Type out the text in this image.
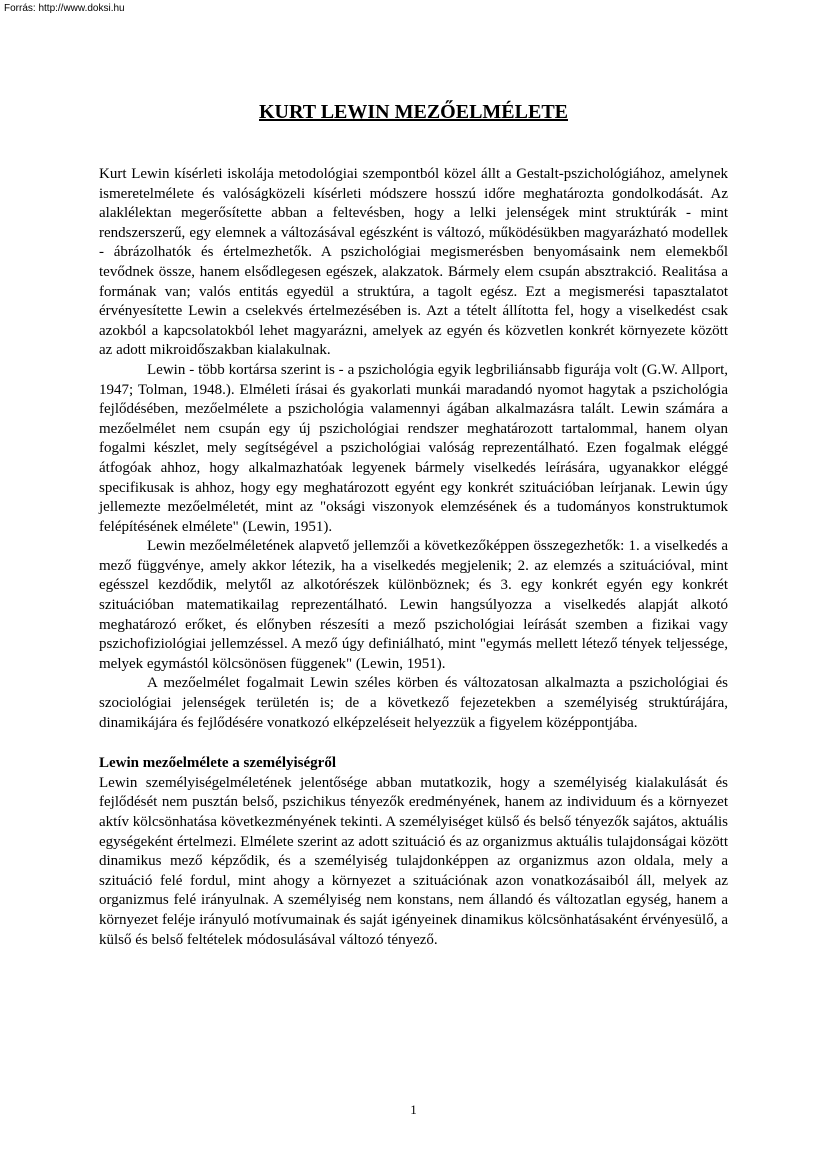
Forrás: http://www.doksi.hu
KURT LEWIN MEZŐELMÉLETE

Kurt Lewin kísérleti iskolája metodológiai szempontból közel állt a Gestalt-pszichológiához, amelynek ismeretelmélete és valóságközeli kísérleti módszere hosszú időre meghatározta gondolkodását. Az alaklélektan megerősítette abban a feltevésben, hogy a lelki jelenségek mint struktúrák - mint rendszerszerű, egy elemnek a változásával egészként is változó, működésükben magyarázható modellek - ábrázolhatók és értelmezhetők. A pszichológiai megismerésben benyomásaink nem elemekből tevődnek össze, hanem elsődlegesen egészek, alakzatok. Bármely elem csupán absztrakció. Realitása a formának van; valós entitás egyedül a struktúra, a tagolt egész. Ezt a megismerési tapasztalatot érvényesítette Lewin a cselekvés értelmezésében is. Azt a tételt állította fel, hogy a viselkedést csak azokból a kapcsolatokból lehet magyarázni, amelyek az egyén és közvetlen konkrét környezete között az adott mikroidőszakban kialakulnak.

Lewin - több kortársa szerint is - a pszichológia egyik legbriliánsabb figurája volt (G.W. Allport, 1947; Tolman, 1948.). Elméleti írásai és gyakorlati munkái maradandó nyomot hagytak a pszichológia fejlődésében, mezőelmélete a pszichológia valamennyi ágában alkalmazásra talált. Lewin számára a mezőelmélet nem csupán egy új pszichológiai rendszer meghatározott tartalommal, hanem olyan fogalmi készlet, mely segítségével a pszichológiai valóság reprezentálható. Ezen fogalmak eléggé átfogóak ahhoz, hogy alkalmazhatóak legyenek bármely viselkedés leírására, ugyanakkor eléggé specifikusak is ahhoz, hogy egy meghatározott egyént egy konkrét szituációban leírjanak. Lewin úgy jellemezte mezőelméletét, mint az "oksági viszonyok elemzésének és a tudományos konstruktumok felépítésének elmélete" (Lewin, 1951).

Lewin mezőelméletének alapvető jellemzői a következőképpen összegezhetők: 1. a viselkedés a mező függvénye, amely akkor létezik, ha a viselkedés megjelenik; 2. az elemzés a szituációval, mint egésszel kezdődik, melytől az alkotórészek különböznek; és 3. egy konkrét egyén egy konkrét szituációban matematikailag reprezentálható. Lewin hangsúlyozza a viselkedés alapját alkotó meghatározó erőket, és előnyben részesíti a mező pszichológiai leírását szemben a fizikai vagy pszichofiziológiai jellemzéssel. A mező úgy definiálható, mint "egymás mellett létező tények teljessége, melyek egymástól kölcsönösen függenek" (Lewin, 1951).

A mezőelmélet fogalmait Lewin széles körben és változatosan alkalmazta a pszichológiai és szociológiai jelenségek területén is; de a következő fejezetekben a személyiség struktúrájára, dinamikájára és fejlődésére vonatkozó elképzeléseit helyezzük a figyelem középpontjába.

Lewin mezőelmélete a személyiségről

Lewin személyiségelméletének jelentősége abban mutatkozik, hogy a személyiség kialakulását és fejlődését nem pusztán belső, pszichikus tényezők eredményének, hanem az individuum és a környezet aktív kölcsönhatása következményének tekinti. A személyiséget külső és belső tényezők sajátos, aktuális egységeként értelmezi. Elmélete szerint az adott szituáció és az organizmus aktuális tulajdonságai között dinamikus mező képződik, és a személyiség tulajdonképpen az organizmus azon oldala, mely a szituáció felé fordul, mint ahogy a környezet a szituációnak azon vonatkozásaiból áll, melyek az organizmus felé irányulnak. A személyiség nem konstans, nem állandó és változatlan egység, hanem a környezet feléje irányuló motívumainak és saját igényeinek dinamikus kölcsönhatásaként érvényesülő, a külső és belső feltételek módosulásával változó tényező.

1
